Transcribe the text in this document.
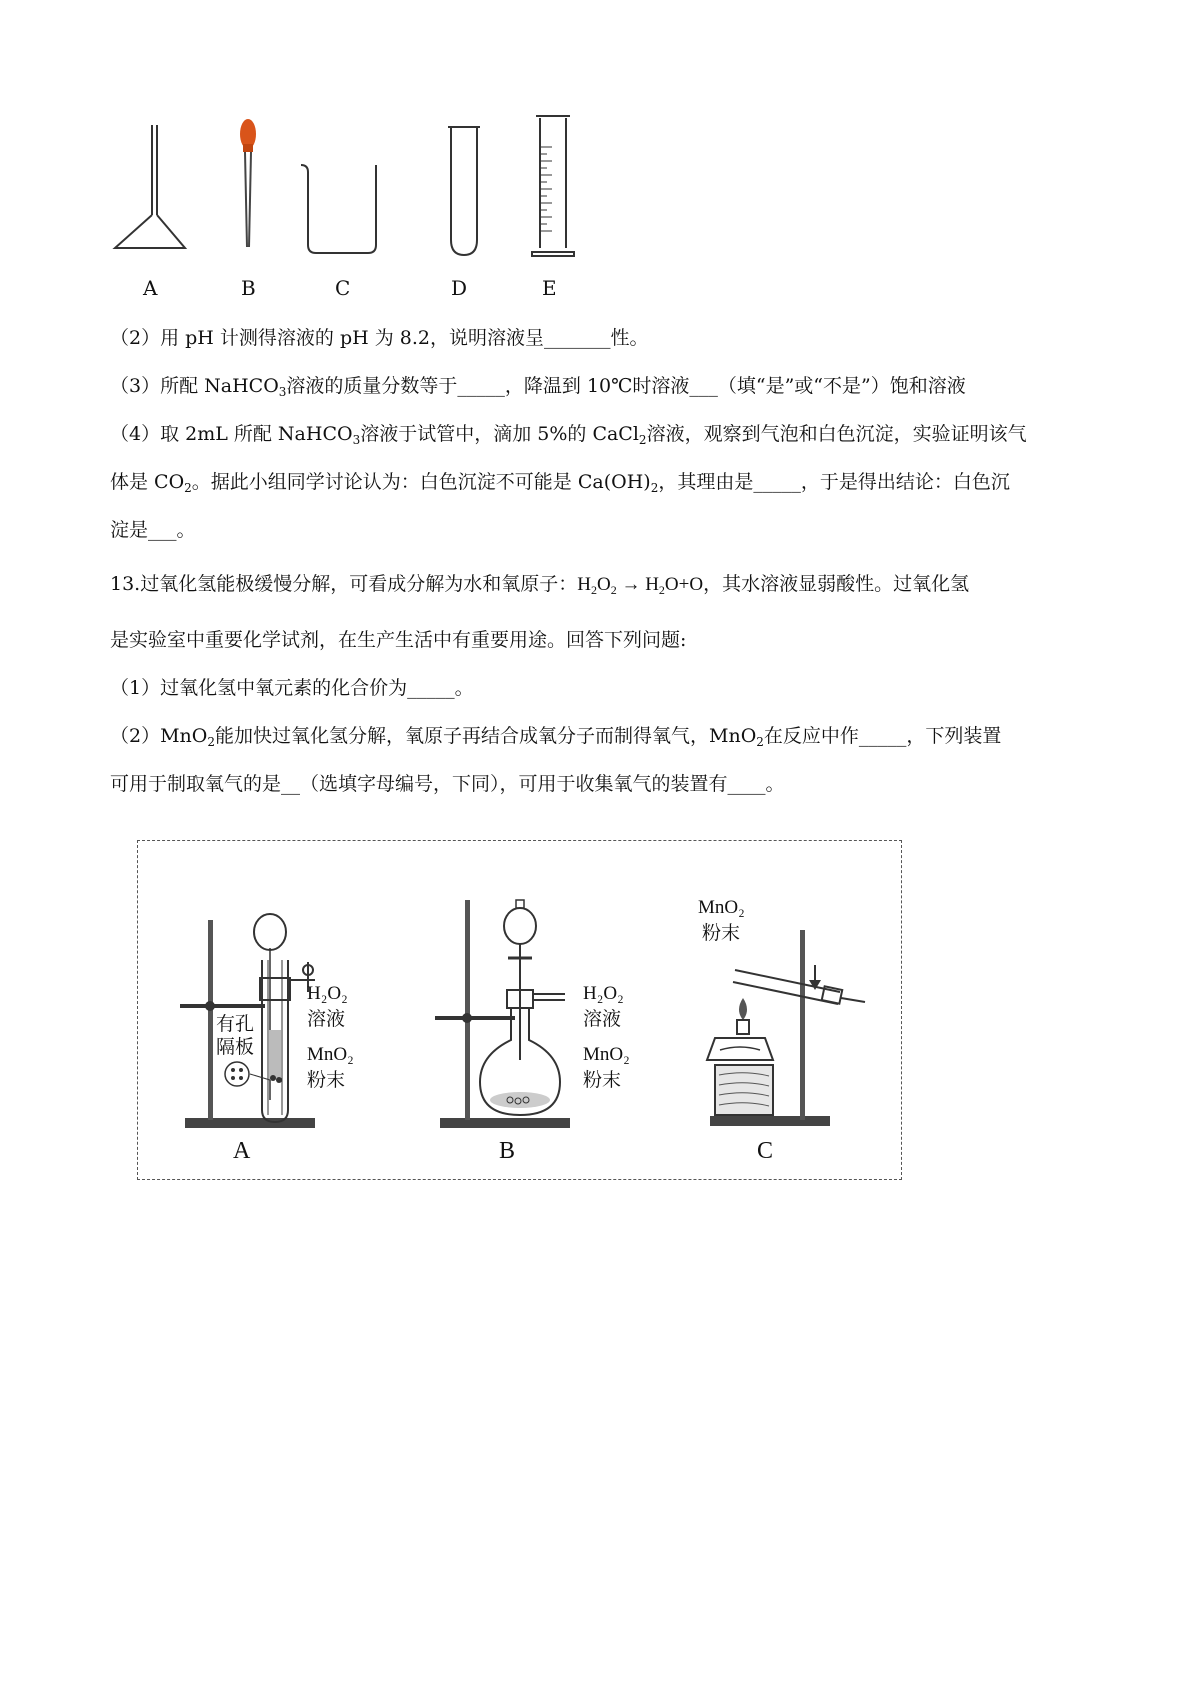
A	B	C	D	E
（2）用 pH 计测得溶液的 pH 为 8.2，说明溶液呈_______性。
（3）所配 NaHCO$_3$溶液的质量分数等于_____，降温到 10℃时溶液___（填“是”或“不是”）饱和溶液
（4）取 2mL 所配 NaHCO$_3$溶液于试管中，滴加 5%的 CaCl$_2$溶液，观察到气泡和白色沉淀，实验证明该气
体是 $CO_2$。据此小组同学讨论认为：白色沉淀不可能是 $Ca(OH)_2$，其理由是_____，于是得出结论：白色沉
淀是___。
13.过氧化氢能极缓慢分解，可看成分解为水和氧原子：$H_2O_2 \to H_2O+O$，其水溶液显弱酸性。过氧化氢
是实验室中重要化学试剂，在生产生活中有重要用途。回答下列问题:
（1）过氧化氢中氧元素的化合价为_____。
（2）MnO$_2$能加快过氧化氢分解，氧原子再结合成氧分子而制得氧气，MnO$_2$在反应中作_____，下列装置
可用于制取氧气的是__（选填字母编号，下同），可用于收集氧气的装置有____。
H₂O₂
溶液
有孔
隔板	MnO₂
粉末
H₂O₂
溶液
MnO₂
粉末
MnO₂
粉末
A	B	C
